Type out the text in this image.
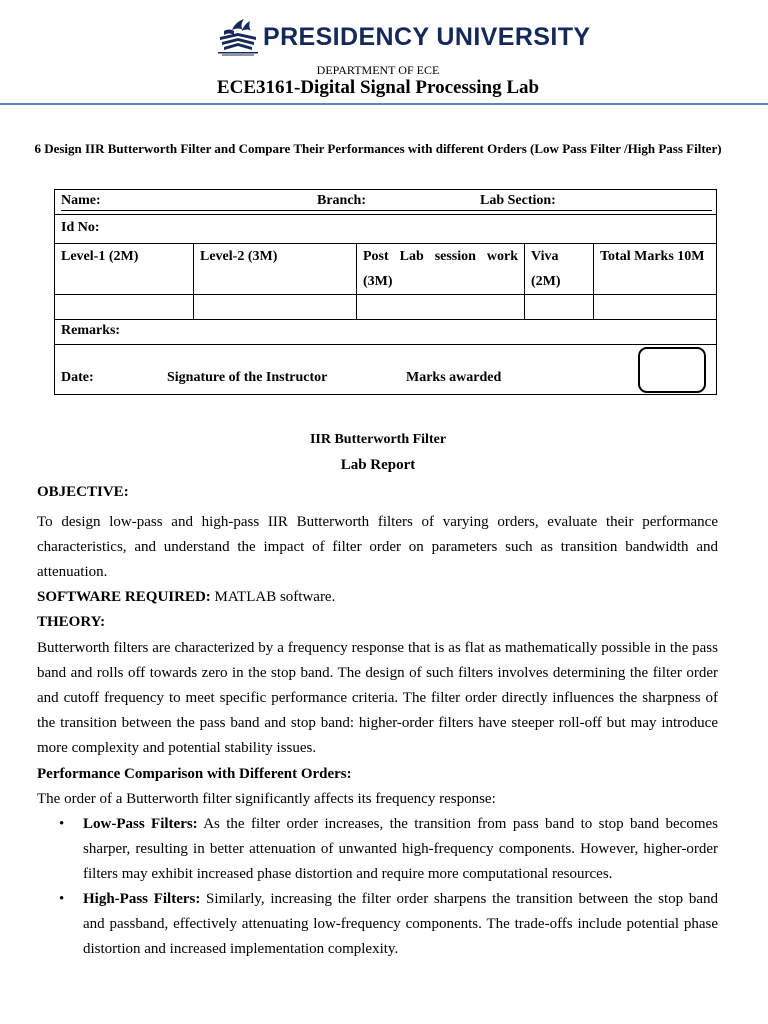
PRESIDENCY UNIVERSITY
DEPARTMENT OF ECE
ECE3161-Digital Signal Processing Lab
6 Design IIR Butterworth Filter and Compare Their Performances with different Orders (Low Pass Filter /High Pass Filter)
Name: Branch: Lab Section:				

Id No:				
Level-1 (2M)	Level-2 (3M)	Post Lab session work (3M)	Viva (2M)	Total Marks 10M

Remarks:				

Date: Signature of the Instructor Marks awarded				
IIR Butterworth Filter
Lab Report
OBJECTIVE:
To design low-pass and high-pass IIR Butterworth filters of varying orders, evaluate their performance characteristics, and understand the impact of filter order on parameters such as transition bandwidth and attenuation.
SOFTWARE REQUIRED: MATLAB software.
THEORY:
Butterworth filters are characterized by a frequency response that is as flat as mathematically possible in the pass band and rolls off towards zero in the stop band. The design of such filters involves determining the filter order and cutoff frequency to meet specific performance criteria. The filter order directly influences the sharpness of the transition between the pass band and stop band: higher-order filters have steeper roll-off but may introduce more complexity and potential stability issues.
Performance Comparison with Different Orders:
The order of a Butterworth filter significantly affects its frequency response:
• Low-Pass Filters: As the filter order increases, the transition from pass band to stop band becomes sharper, resulting in better attenuation of unwanted high-frequency components. However, higher-order filters may exhibit increased phase distortion and require more computational resources.
• High-Pass Filters: Similarly, increasing the filter order sharpens the transition between the stop band and passband, effectively attenuating low-frequency components. The trade-offs include potential phase distortion and increased implementation complexity.
